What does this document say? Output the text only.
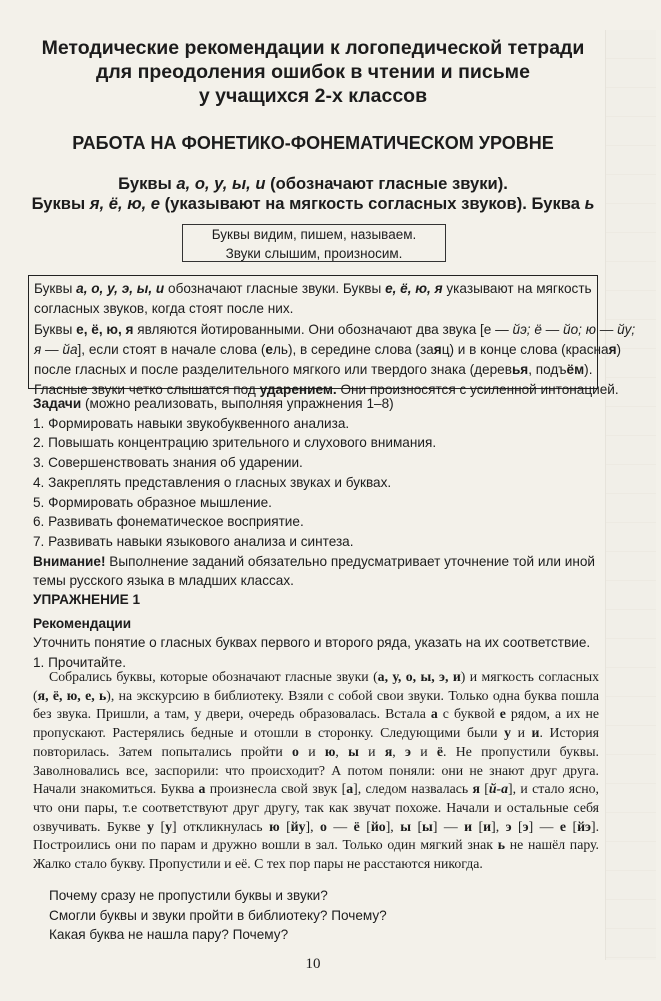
Методические рекомендации к логопедической тетради
для преодоления ошибок в чтении и письме
у учащихся 2-х классов
РАБОТА НА ФОНЕТИКО-ФОНЕМАТИЧЕСКОМ УРОВНЕ
Буквы а, о, у, ы, и (обозначают гласные звуки).
Буквы я, ё, ю, е (указывают на мягкость согласных звуков). Буква ь
Буквы видим, пишем, называем.
Звуки слышим, произносим.
Буквы а, о, у, э, ы, и обозначают гласные звуки. Буквы е, ё, ю, я указывают на мягкость
согласных звуков, когда стоят после них.
Буквы е, ё, ю, я являются йотированными. Они обозначают два звука [е — йэ; ё — йо; ю — йу;
я — йа], если стоят в начале слова (ель), в середине слова (заяц) и в конце слова (красная)
после гласных и после разделительного мягкого или твердого знака (деревья, подъём).
Гласные звуки четко слышатся под ударением. Они произносятся с усиленной интонацией.
Задачи (можно реализовать, выполняя упражнения 1–8)
1. Формировать навыки звукобуквенного анализа.
2. Повышать концентрацию зрительного и слухового внимания.
3. Совершенствовать знания об ударении.
4. Закреплять представления о гласных звуках и буквах.
5. Формировать образное мышление.
6. Развивать фонематическое восприятие.
7. Развивать навыки языкового анализа и синтеза.
Внимание! Выполнение заданий обязательно предусматривает уточнение той или иной
темы русского языка в младших классах.
УПРАЖНЕНИЕ 1
Рекомендации
Уточнить понятие о гласных буквах первого и второго ряда, указать на их соответствие.
1. Прочитайте.

Собрались буквы, которые обозначают гласные звуки (а, у, о, ы, э, и) и мягкость согласных (я, ё, ю, е, ь), на экскурсию в библиотеку. Взяли с собой свои звуки. Только одна буква пошла без звука. Пришли, а там, у двери, очередь образовалась. Встала а с буквой е рядом, а их не пропускают. Растерялись бедные и отошли в сторонку. Следующими были у и и. История повторилась. Затем попытались пройти о и ю, ы и я, э и ё. Не пропустили буквы. Заволновались все, заспорили: что происходит? А потом поняли: они не знают друг друга. Начали знакомиться. Буква а произнесла свой звук [а], следом назвалась я [й-а], и стало ясно, что они пары, т.е соответствуют друг другу, так как звучат похоже. Начали и остальные себя озвучивать. Букве у [у] откликнулась ю [йу], о — ё [йо], ы [ы] — и [и], э [э] — е [йэ]. Построились они по парам и дружно вошли в зал. Только один мягкий знак ь не нашёл пару. Жалко стало букву. Пропустили и её. С тех пор пары не расстаются никогда.

Почему сразу не пропустили буквы и звуки?
Смогли буквы и звуки пройти в библиотеку? Почему?
Какая буква не нашла пару? Почему?
10
